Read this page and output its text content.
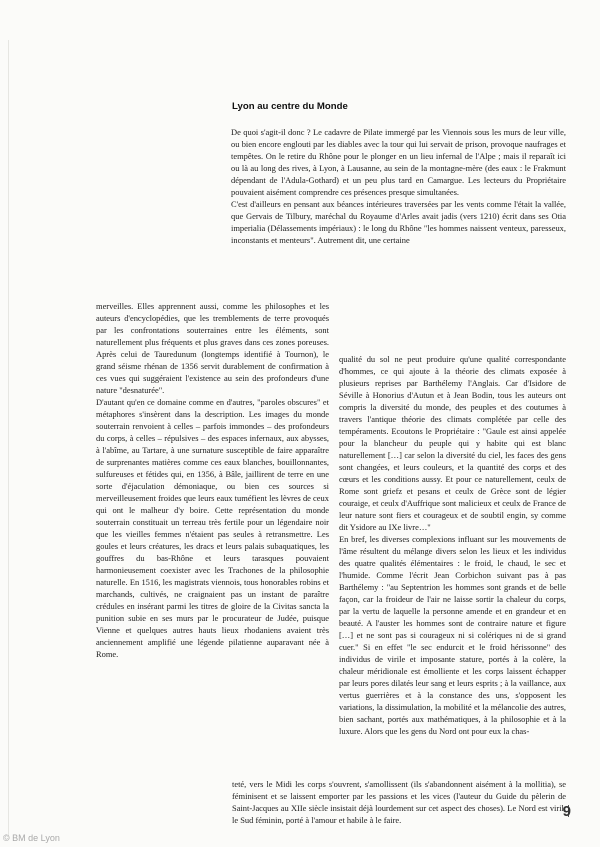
Lyon au centre du Monde

De quoi s'agit-il donc ? Le cadavre de Pilate immergé par les Viennois sous les murs de leur ville, ou bien encore englouti par les diables avec la tour qui lui servait de prison, provoque naufrages et tempêtes. On le retire du Rhône pour le plonger en un lieu infernal de l'Alpe ; mais il reparaît ici ou là au long des rives, à Lyon, à Lausanne, au sein de la montagne-mère (des eaux : le Frakmunt dépendant de l'Adula-Gothard) et un peu plus tard en Camargue. Les lecteurs du Propriétaire pouvaient aisément comprendre ces présences presque simultanées.

C'est d'ailleurs en pensant aux béances intérieures traversées par les vents comme l'était la vallée, que Gervais de Tilbury, maréchal du Royaume d'Arles avait jadis (vers 1210) écrit dans ses Otia imperialia (Délassements impériaux) : le long du Rhône "les hommes naissent venteux, paresseux, inconstants et menteurs". Autrement dit, une certaine

merveilles. Elles apprennent aussi, comme les philosophes et les auteurs d'encyclopédies, que les tremblements de terre provoqués par les confrontations souterraines entre les éléments, sont naturellement plus fréquents et plus graves dans ces zones poreuses. Après celui de Tauredunum (longtemps identifié à Tournon), le grand séisme rhénan de 1356 servit durablement de confirmation à ces vues qui suggéraient l'existence au sein des profondeurs d'une nature "desnaturée".

D'autant qu'en ce domaine comme en d'autres, "paroles obscures" et métaphores s'insèrent dans la description. Les images du monde souterrain renvoient à celles – parfois immondes – des profondeurs du corps, à celles – répulsives – des espaces infernaux, aux abysses, à l'abîme, au Tartare, à une surnature susceptible de faire apparaître de surprenantes matières comme ces eaux blanches, bouillonnantes, sulfureuses et fétides qui, en 1356, à Bâle, jaillirent de terre en une sorte d'éjaculation démoniaque, ou bien ces sources si merveilleusement froides que leurs eaux tuméfient les lèvres de ceux qui ont le malheur d'y boire. Cette représentation du monde souterrain constituait un terreau très fertile pour un légendaire noir que les vieilles femmes n'étaient pas seules à retransmettre. Les goules et leurs créatures, les dracs et leurs palais subaquatiques, les gouffres du bas-Rhône et leurs tarasques pouvaient harmonieusement coexister avec les Trachones de la philosophie naturelle. En 1516, les magistrats viennois, tous honorables robins et marchands, cultivés, ne craignaient pas un instant de paraître crédules en insérant parmi les titres de gloire de la Civitas sancta la punition subie en ses murs par le procurateur de Judée, puisque Vienne et quelques autres hauts lieux rhodaniens avaient très anciennement amplifié une légende pilatienne auparavant née à Rome.

qualité du sol ne peut produire qu'une qualité correspondante d'hommes, ce qui ajoute à la théorie des climats exposée à plusieurs reprises par Barthélemy l'Anglais. Car d'Isidore de Séville à Honorius d'Autun et à Jean Bodin, tous les auteurs ont compris la diversité du monde, des peuples et des coutumes à travers l'antique théorie des climats complétée par celle des tempéraments. Ecoutons le Propriétaire : "Gaule est ainsi appelée pour la blancheur du peuple qui y habite qui est blanc naturellement […] car selon la diversité du ciel, les faces des gens sont changées, et leurs couleurs, et la quantité des corps et des cœurs et les conditions aussy. Et pour ce naturellement, ceulx de Rome sont griefz et pesans et ceulx de Grèce sont de légier couraige, et ceulx d'Auffrique sont malicieux et ceulx de France de leur nature sont fiers et courageux et de soubtil engin, sy comme dit Ysidore au IXe livre…"

En bref, les diverses complexions influant sur les mouvements de l'âme résultent du mélange divers selon les lieux et les individus des quatre qualités élémentaires : le froid, le chaud, le sec et l'humide. Comme l'écrit Jean Corbichon suivant pas à pas Barthélemy : "au Septentrion les hommes sont grands et de belle façon, car la froideur de l'air ne laisse sortir la chaleur du corps, par la vertu de laquelle la personne amende et en grandeur et en beauté. A l'auster les hommes sont de contraire nature et figure […] et ne sont pas si courageux ni si colériques ni de si grand cuer." Si en effet "le sec endurcit et le froid hérissonne" des individus de virile et imposante stature, portés à la colère, la chaleur méridionale est émolliente et les corps laissent échapper par leurs pores dilatés leur sang et leurs esprits ; à la vaillance, aux vertus guerrières et à la constance des uns, s'opposent les variations, la dissimulation, la mobilité et la mélancolie des autres, bien sachant, portés aux mathématiques, à la philosophie et à la luxure. Alors que les gens du Nord ont pour eux la chas-

teté, vers le Midi les corps s'ouvrent, s'amollissent (ils s'abandonnent aisément à la mollitia), se féminisent et se laissent emporter par les passions et les vices (l'auteur du Guide du pèlerin de Saint-Jacques au XIIe siècle insistait déjà lourdement sur cet aspect des choses). Le Nord est viril, le Sud féminin, porté à l'amour et habile à le faire.	9
© BM de Lyon
